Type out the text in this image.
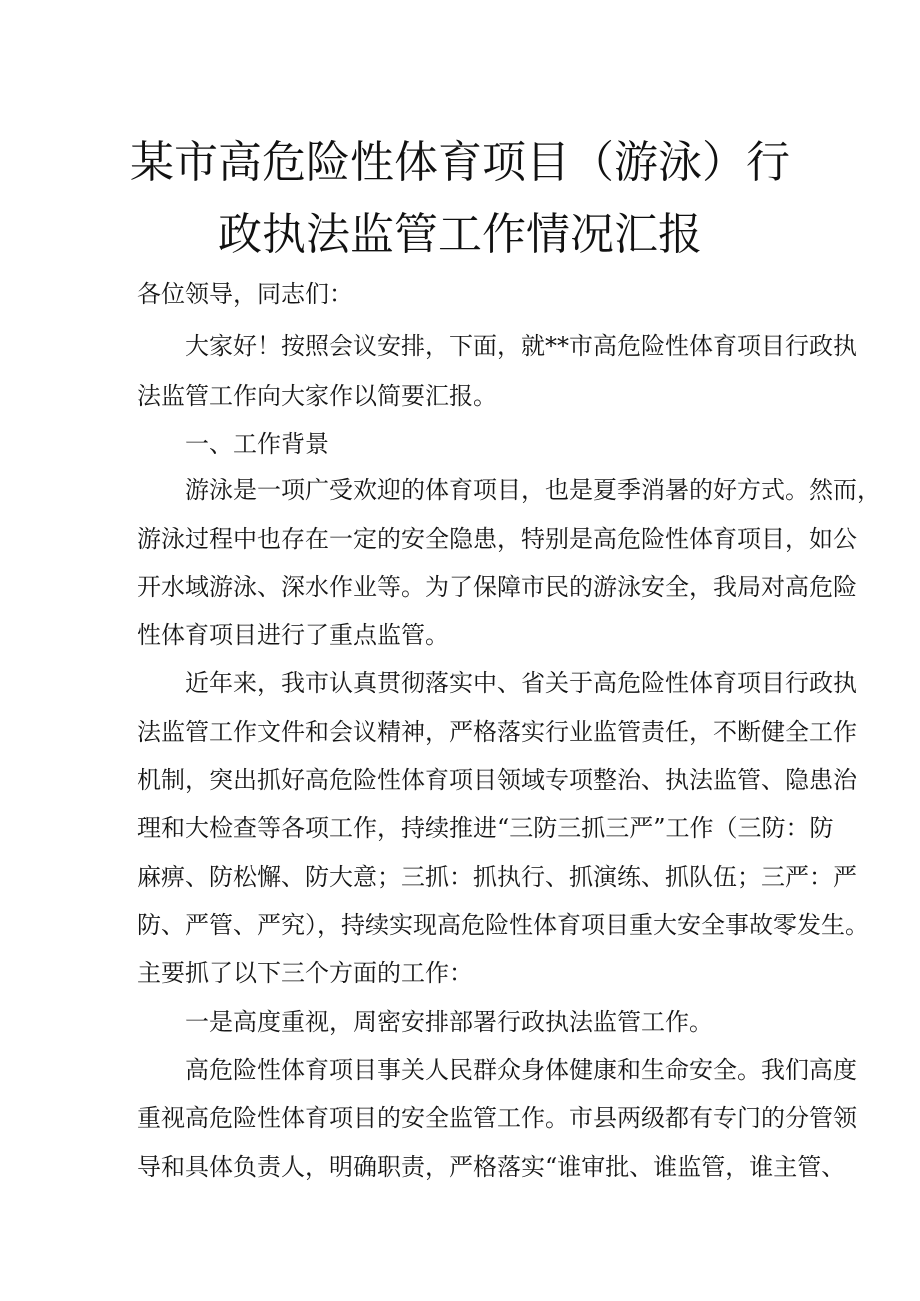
某市高危险性体育项目（游泳）行
政执法监管工作情况汇报
各位领导，同志们：
大家好！按照会议安排，下面，就**市高危险性体育项目行政执
法监管工作向大家作以简要汇报。
一、工作背景
游泳是一项广受欢迎的体育项目，也是夏季消暑的好方式。然而，
游泳过程中也存在一定的安全隐患，特别是高危险性体育项目，如公
开水域游泳、深水作业等。为了保障市民的游泳安全，我局对高危险
性体育项目进行了重点监管。
近年来，我市认真贯彻落实中、省关于高危险性体育项目行政执
法监管工作文件和会议精神，严格落实行业监管责任，不断健全工作
机制，突出抓好高危险性体育项目领域专项整治、执法监管、隐患治
理和大检查等各项工作，持续推进“三防三抓三严”工作（三防：防
麻痹、防松懈、防大意；三抓：抓执行、抓演练、抓队伍；三严：严
防、严管、严究），持续实现高危险性体育项目重大安全事故零发生。
主要抓了以下三个方面的工作：
一是高度重视，周密安排部署行政执法监管工作。
高危险性体育项目事关人民群众身体健康和生命安全。我们高度
重视高危险性体育项目的安全监管工作。市县两级都有专门的分管领
导和具体负责人，明确职责，严格落实“谁审批、谁监管，谁主管、
